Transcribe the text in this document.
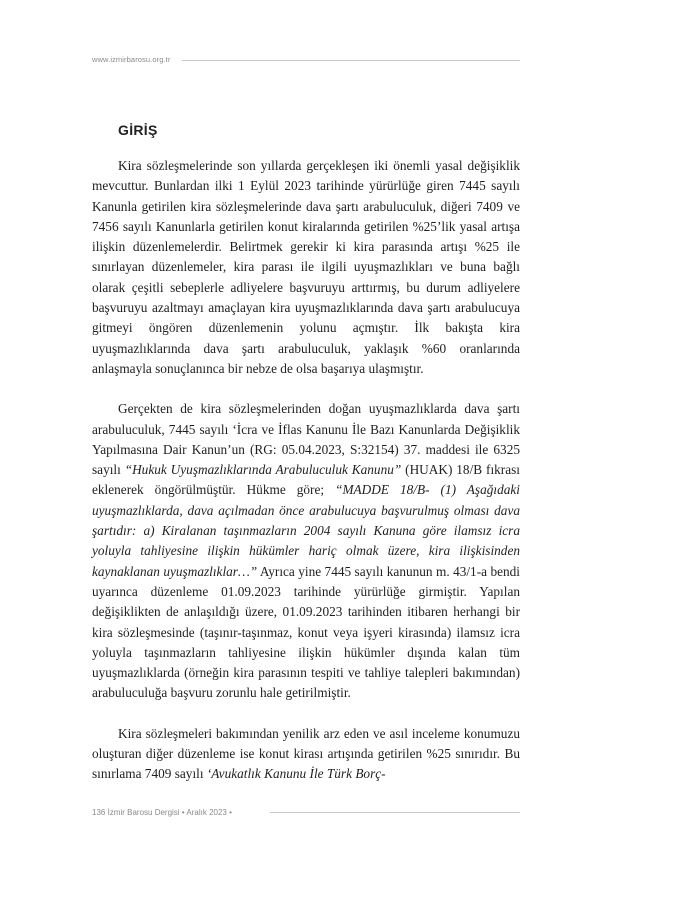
www.izmirbarosu.org.tr
GİRİŞ

Kira sözleşmelerinde son yıllarda gerçekleşen iki önemli yasal değişiklik mevcuttur. Bunlardan ilki 1 Eylül 2023 tarihinde yürürlüğe giren 7445 sayılı Kanunla getirilen kira sözleşmelerinde dava şartı arabuluculuk, diğeri 7409 ve 7456 sayılı Kanunlarla getirilen konut kiralarında getirilen %25’lik yasal artışa ilişkin düzenlemelerdir. Belirtmek gerekir ki kira parasında artışı %25 ile sınırlayan düzenlemeler, kira parası ile ilgili uyuşmazlıkları ve buna bağlı olarak çeşitli sebeplerle adliyelere başvuruyu arttırmış, bu durum adliyelere başvuruyu azaltmayı amaçlayan kira uyuşmazlıklarında dava şartı arabulucuya gitmeyi öngören düzenlemenin yolunu açmıştır. İlk bakışta kira uyuşmazlıklarında dava şartı arabuluculuk, yaklaşık %60 oranlarında anlaşmayla sonuçlanınca bir nebze de olsa başarıya ulaşmıştır.

Gerçekten de kira sözleşmelerinden doğan uyuşmazlıklarda dava şartı arabuluculuk, 7445 sayılı ‘İcra ve İflas Kanunu İle Bazı Kanunlarda Değişiklik Yapılmasına Dair Kanun’un (RG: 05.04.2023, S:32154) 37. maddesi ile 6325 sayılı “Hukuk Uyuşmazlıklarında Arabuluculuk Kanunu” (HUAK) 18/B fıkrası eklenerek öngörülmüştür. Hükme göre; “MADDE 18/B- (1) Aşağıdaki uyuşmazlıklarda, dava açılmadan önce arabulucuya başvurulmuş olması dava şartıdır: a) Kiralanan taşınmazların 2004 sayılı Kanuna göre ilamsız icra yoluyla tahliyesine ilişkin hükümler hariç olmak üzere, kira ilişkisinden kaynaklanan uyuşmazlıklar…” Ayrıca yine 7445 sayılı kanunun m. 43/1-a bendi uyarınca düzenleme 01.09.2023 tarihinde yürürlüğe girmiştir. Yapılan değişiklikten de anlaşıldığı üzere, 01.09.2023 tarihinden itibaren herhangi bir kira sözleşmesinde (taşınır-taşınmaz, konut veya işyeri kirasında) ilamsız icra yoluyla taşınmazların tahliyesine ilişkin hükümler dışında kalan tüm uyuşmazlıklarda (örneğin kira parasının tespiti ve tahliye talepleri bakımından) arabuluculuğa başvuru zorunlu hale getirilmiştir.

Kira sözleşmeleri bakımından yenilik arz eden ve asıl inceleme konumuzu oluşturan diğer düzenleme ise konut kirası artışında getirilen %25 sınırıdır. Bu sınırlama 7409 sayılı ‘Avukatlık Kanunu İle Türk Borç-

136 İzmir Barosu Dergisi • Aralık 2023 •
